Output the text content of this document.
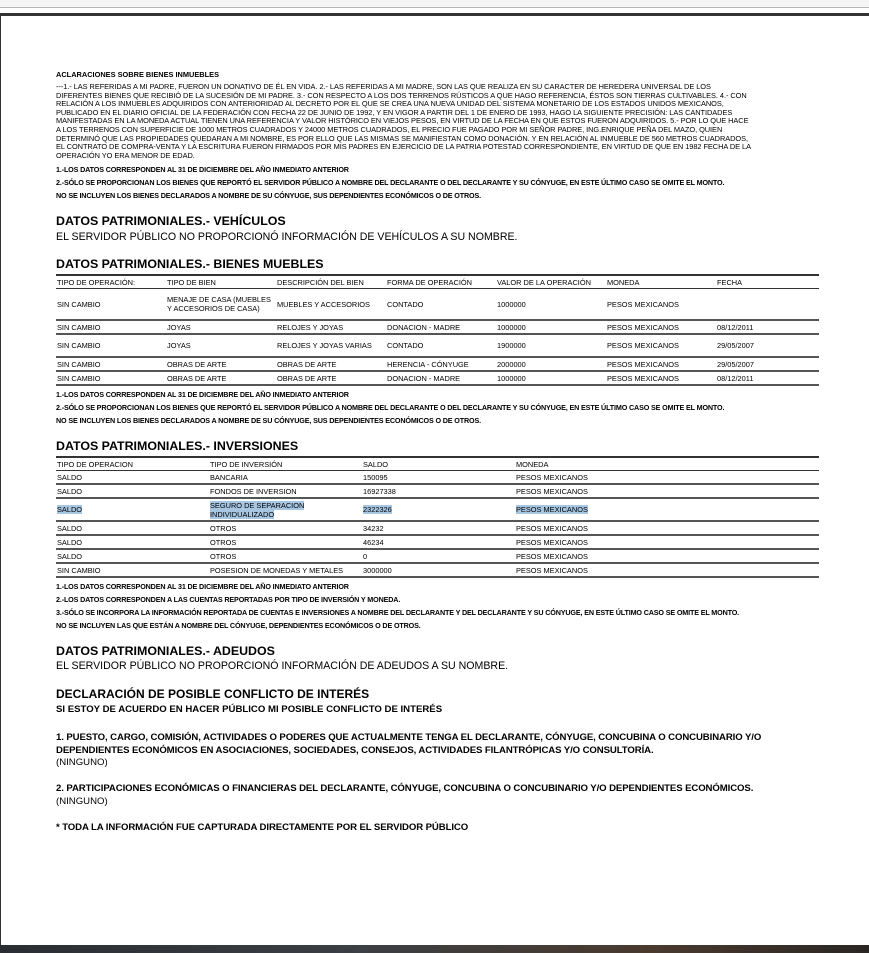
ACLARACIONES SOBRE BIENES INMUEBLES
---1.- LAS REFERIDAS A MI PADRE, FUERON UN DONATIVO DE ÉL EN VIDA. 2.- LAS REFERIDAS A MI MADRE, SON LAS QUE REALIZA EN SU CARACTER DE HEREDERA UNIVERSAL DE LOS
DIFERENTES BIENES QUE RECIBIÓ DE LA SUCESIÓN DE MI PADRE. 3.- CON RESPECTO A LOS DOS TERRENOS RÚSTICOS A QUE HAGO REFERENCIA, ÉSTOS SON TIERRAS CULTIVABLES. 4.- CON
RELACIÓN A LOS INMUEBLES ADQUIRIDOS CON ANTERIORIDAD AL DECRETO POR EL QUE SE CREA UNA NUEVA UNIDAD DEL SISTEMA MONETARIO DE LOS ESTADOS UNIDOS MEXICANOS,
PUBLICADO EN EL DIARIO OFICIAL DE LA FEDERACIÓN CON FECHA 22 DE JUNIO DE 1992, Y EN VIGOR A PARTIR DEL 1 DE ENERO DE 1993, HAGO LA SIGUIENTE PRECISIÓN: LAS CANTIDADES
MANIFESTADAS EN LA MONEDA ACTUAL TIENEN UNA REFERENCIA Y VALOR HISTÓRICO EN VIEJOS PESOS, EN VIRTUD DE LA FECHA EN QUE ESTOS FUERON ADQUIRIDOS. 5.- POR LO QUE HACE
A LOS TERRENOS CON SUPERFICIE DE 1000 METROS CUADRADOS Y 24000 METROS CUADRADOS, EL PRECIO FUE PAGADO POR MI SEÑOR PADRE, ING.ENRIQUE PEÑA DEL MAZO, QUIEN
DETERMINÓ QUE LAS PROPIEDADES QUEDARAN A MI NOMBRE, ES POR ELLO QUE LAS MISMAS SE MANIFIESTAN COMO DONACIÓN. Y EN RELACIÓN AL INMUEBLE DE 560 METROS CUADRADOS,
EL CONTRATO DE COMPRA-VENTA Y LA ESCRITURA FUERON FIRMADOS POR MIS PADRES EN EJERCICIO DE LA PATRIA POTESTAD CORRESPONDIENTE, EN VIRTUD DE QUE EN 1982 FECHA DE LA
OPERACIÓN YO ERA MENOR DE EDAD.
1.-LOS DATOS CORRESPONDEN AL 31 DE DICIEMBRE DEL AÑO INMEDIATO ANTERIOR
2.-SÓLO SE PROPORCIONAN LOS BIENES QUE REPORTÓ EL SERVIDOR PÚBLICO A NOMBRE DEL DECLARANTE O DEL DECLARANTE Y SU CÓNYUGE, EN ESTE ÚLTIMO CASO SE OMITE EL MONTO.
NO SE INCLUYEN LOS BIENES DECLARADOS A NOMBRE DE SU CÓNYUGE, SUS DEPENDIENTES ECONÓMICOS O DE OTROS.
DATOS PATRIMONIALES.- VEHÍCULOS
EL SERVIDOR PÚBLICO NO PROPORCIONÓ INFORMACIÓN DE VEHÍCULOS A SU NOMBRE.
DATOS PATRIMONIALES.- BIENES MUEBLES
TIPO DE OPERACIÓN:	TIPO DE BIEN	DESCRIPCIÓN DEL BIEN	FORMA DE OPERACIÓN	VALOR DE LA OPERACIÓN	MONEDA	FECHA
SIN CAMBIO	MENAJE DE CASA (MUEBLES Y ACCESORIOS DE CASA)	MUEBLES Y ACCESORIOS	CONTADO	1000000	PESOS MEXICANOS	
SIN CAMBIO	JOYAS	RELOJES Y JOYAS	DONACION - MADRE	1000000	PESOS MEXICANOS	08/12/2011
SIN CAMBIO	JOYAS	RELOJES Y JOYAS VARIAS	CONTADO	1900000	PESOS MEXICANOS	29/05/2007
SIN CAMBIO	OBRAS DE ARTE	OBRAS DE ARTE	HERENCIA - CÓNYUGE	2000000	PESOS MEXICANOS	29/05/2007
SIN CAMBIO	OBRAS DE ARTE	OBRAS DE ARTE	DONACION - MADRE	1000000	PESOS MEXICANOS	08/12/2011
1.-LOS DATOS CORRESPONDEN AL 31 DE DICIEMBRE DEL AÑO INMEDIATO ANTERIOR
2.-SÓLO SE PROPORCIONAN LOS BIENES QUE REPORTÓ EL SERVIDOR PÚBLICO A NOMBRE DEL DECLARANTE O DEL DECLARANTE Y SU CÓNYUGE, EN ESTE ÚLTIMO CASO SE OMITE EL MONTO.
NO SE INCLUYEN LOS BIENES DECLARADOS A NOMBRE DE SU CÓNYUGE, SUS DEPENDIENTES ECONÓMICOS O DE OTROS.
DATOS PATRIMONIALES.- INVERSIONES
TIPO DE OPERACION	TIPO DE INVERSIÓN	SALDO	MONEDA	
SALDO	BANCARIA	150095	PESOS MEXICANOS	
SALDO	FONDOS DE INVERSION	16927338	PESOS MEXICANOS	
SALDO	SEGURO DE SEPARACION INDIVIDUALIZADO	2322326	PESOS MEXICANOS	
SALDO	OTROS	34232	PESOS MEXICANOS	
SALDO	OTROS	46234	PESOS MEXICANOS	
SALDO	OTROS	0	PESOS MEXICANOS	
SIN CAMBIO	POSESION DE MONEDAS Y METALES	3000000	PESOS MEXICANOS	
1.-LOS DATOS CORRESPONDEN AL 31 DE DICIEMBRE DEL AÑO INMEDIATO ANTERIOR
2.-LOS DATOS CORRESPONDEN A LAS CUENTAS REPORTADAS POR TIPO DE INVERSIÓN Y MONEDA.
3.-SÓLO SE INCORPORA LA INFORMACIÓN REPORTADA DE CUENTAS E INVERSIONES A NOMBRE DEL DECLARANTE Y DEL DECLARANTE Y SU CÓNYUGE, EN ESTE ÚLTIMO CASO SE OMITE EL MONTO.
NO SE INCLUYEN LAS QUE ESTÁN A NOMBRE DEL CÓNYUGE, DEPENDIENTES ECONÓMICOS O DE OTROS.
DATOS PATRIMONIALES.- ADEUDOS
EL SERVIDOR PÚBLICO NO PROPORCIONÓ INFORMACIÓN DE ADEUDOS A SU NOMBRE.
DECLARACIÓN DE POSIBLE CONFLICTO DE INTERÉS
SI ESTOY DE ACUERDO EN HACER PÚBLICO MI POSIBLE CONFLICTO DE INTERÉS
1. PUESTO, CARGO, COMISIÓN, ACTIVIDADES O PODERES QUE ACTUALMENTE TENGA EL DECLARANTE, CÓNYUGE, CONCUBINA O CONCUBINARIO Y/O DEPENDIENTES ECONÓMICOS EN ASOCIACIONES, SOCIEDADES, CONSEJOS, ACTIVIDADES FILANTRÓPICAS Y/O CONSULTORÍA.
(NINGUNO)
2. PARTICIPACIONES ECONÓMICAS O FINANCIERAS DEL DECLARANTE, CÓNYUGE, CONCUBINA O CONCUBINARIO Y/O DEPENDIENTES ECONÓMICOS.
(NINGUNO)
* TODA LA INFORMACIÓN FUE CAPTURADA DIRECTAMENTE POR EL SERVIDOR PÚBLICO
